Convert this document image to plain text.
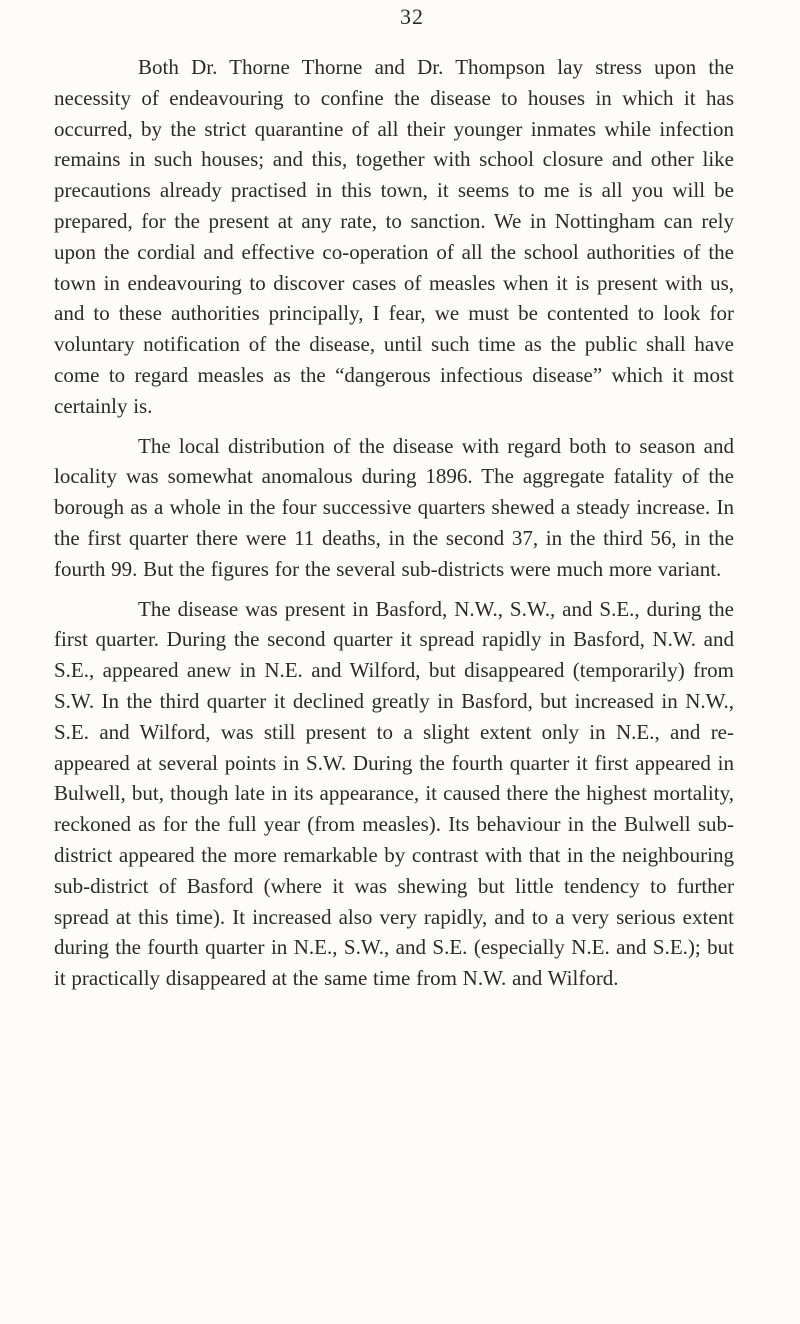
32

Both Dr. Thorne Thorne and Dr. Thompson lay stress upon the necessity of endeavouring to confine the disease to houses in which it has occurred, by the strict quarantine of all their younger inmates while infection remains in such houses; and this, together with school closure and other like precautions already practised in this town, it seems to me is all you will be prepared, for the present at any rate, to sanction. We in Nottingham can rely upon the cordial and effective co-operation of all the school authorities of the town in endeavouring to discover cases of measles when it is present with us, and to these authorities principally, I fear, we must be contented to look for voluntary notification of the disease, until such time as the public shall have come to regard measles as the “dangerous infectious disease” which it most certainly is.

The local distribution of the disease with regard both to season and locality was somewhat anomalous during 1896. The aggregate fatality of the borough as a whole in the four successive quarters shewed a steady increase. In the first quarter there were 11 deaths, in the second 37, in the third 56, in the fourth 99. But the figures for the several sub-districts were much more variant.

The disease was present in Basford, N.W., S.W., and S.E., during the first quarter. During the second quarter it spread rapidly in Basford, N.W. and S.E., appeared anew in N.E. and Wilford, but disappeared (temporarily) from S.W. In the third quarter it declined greatly in Basford, but increased in N.W., S.E. and Wilford, was still present to a slight extent only in N.E., and re-appeared at several points in S.W. During the fourth quarter it first appeared in Bulwell, but, though late in its appearance, it caused there the highest mortality, reckoned as for the full year (from measles). Its behaviour in the Bulwell sub-district appeared the more remarkable by contrast with that in the neighbouring sub-district of Basford (where it was shewing but little tendency to further spread at this time). It increased also very rapidly, and to a very serious extent during the fourth quarter in N.E., S.W., and S.E. (especially N.E. and S.E.); but it practically disappeared at the same time from N.W. and Wilford.
